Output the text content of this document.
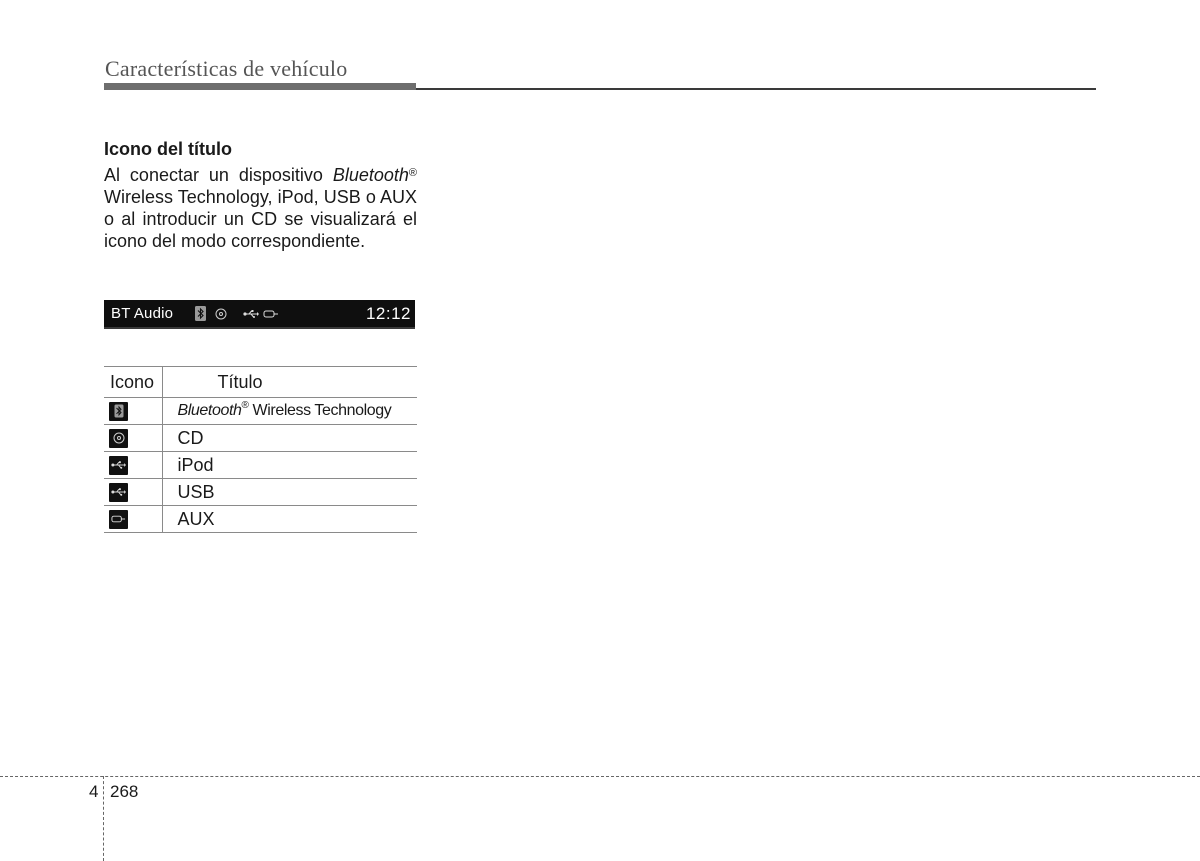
Características de vehículo
Icono del título
Al conectar un dispositivo Bluetooth® Wireless Technology, iPod, USB o AUX o al introducir un CD se visualizará el icono del modo correspondiente.
BT Audio	12:12
Icono	Título

	Bluetooth® Wireless Technology

	CD

	iPod

	USB

	AUX
4 268
